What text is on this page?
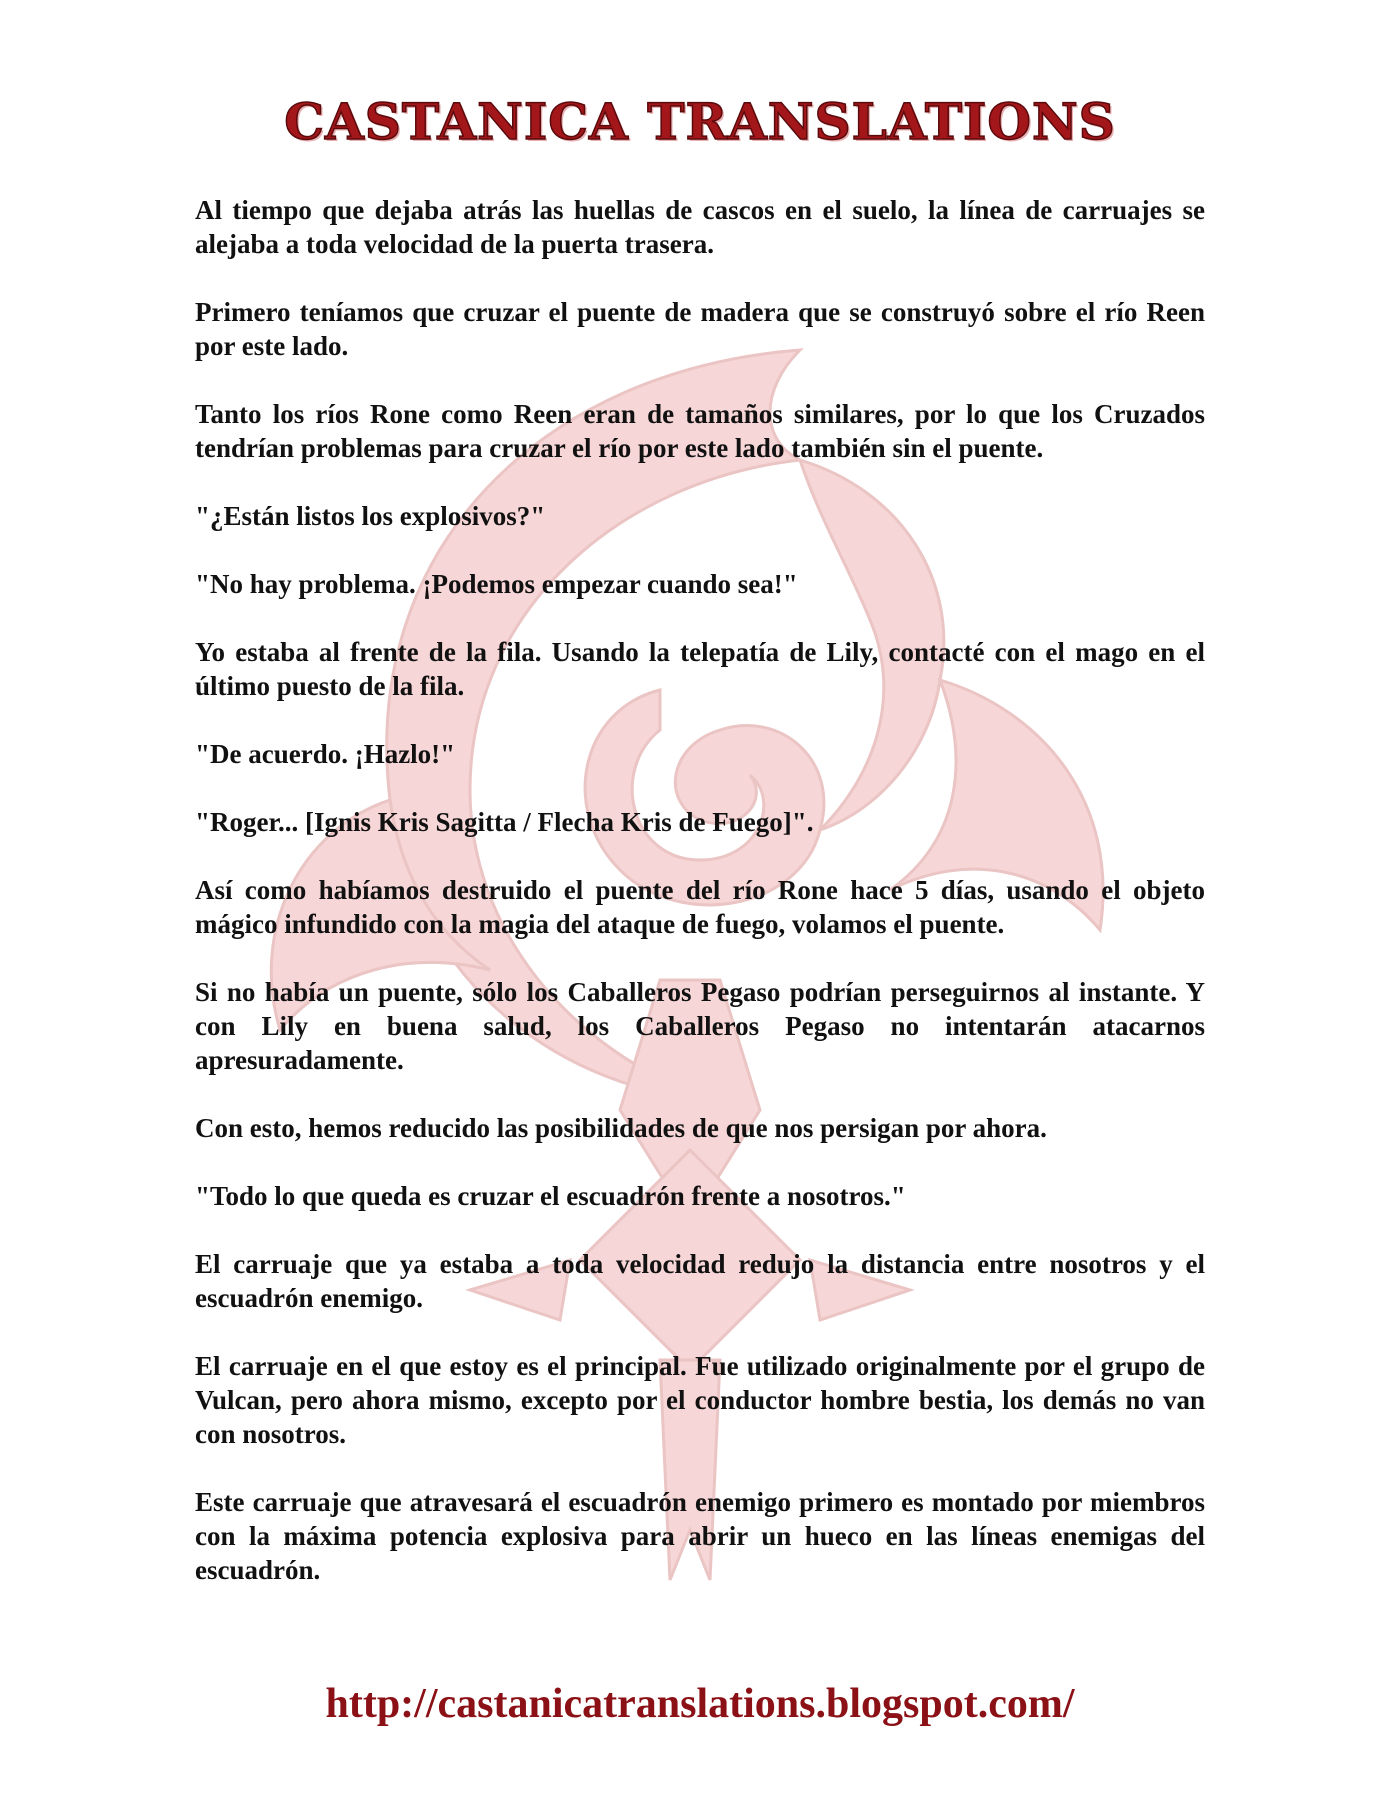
CASTANICA TRANSLATIONS

Al tiempo que dejaba atrás las huellas de cascos en el suelo, la línea de carruajes se alejaba a toda velocidad de la puerta trasera.

Primero teníamos que cruzar el puente de madera que se construyó sobre el río Reen por este lado.

Tanto los ríos Rone como Reen eran de tamaños similares, por lo que los Cruzados tendrían problemas para cruzar el río por este lado también sin el puente.

"¿Están listos los explosivos?"

"No hay problema. ¡Podemos empezar cuando sea!"

Yo estaba al frente de la fila. Usando la telepatía de Lily, contacté con el mago en el último puesto de la fila.

"De acuerdo. ¡Hazlo!"

"Roger... [Ignis Kris Sagitta / Flecha Kris de Fuego]".

Así como habíamos destruido el puente del río Rone hace 5 días, usando el objeto mágico infundido con la magia del ataque de fuego, volamos el puente.

Si no había un puente, sólo los Caballeros Pegaso podrían perseguirnos al instante. Y con Lily en buena salud, los Caballeros Pegaso no intentarán atacarnos apresuradamente.

Con esto, hemos reducido las posibilidades de que nos persigan por ahora.

"Todo lo que queda es cruzar el escuadrón frente a nosotros."

El carruaje que ya estaba a toda velocidad redujo la distancia entre nosotros y el escuadrón enemigo.

El carruaje en el que estoy es el principal. Fue utilizado originalmente por el grupo de Vulcan, pero ahora mismo, excepto por el conductor hombre bestia, los demás no van con nosotros.

Este carruaje que atravesará el escuadrón enemigo primero es montado por miembros con la máxima potencia explosiva para abrir un hueco en las líneas enemigas del escuadrón.

http://castanicatranslations.blogspot.com/
